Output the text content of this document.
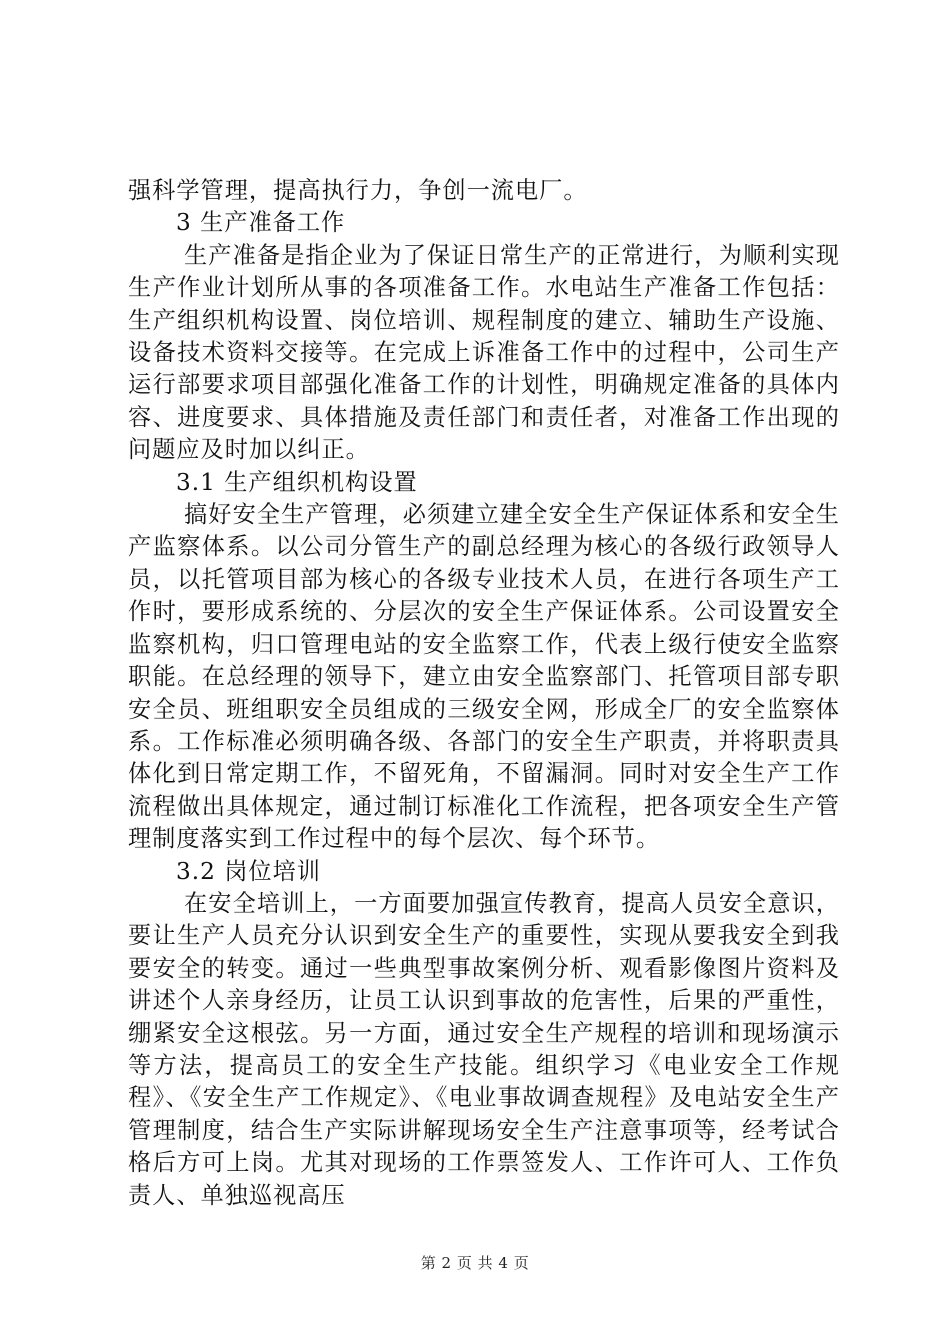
强科学管理，提高执行力，争创一流电厂。

3 生产准备工作

生产准备是指企业为了保证日常生产的正常进行，为顺利实现生产作业计划所从事的各项准备工作。水电站生产准备工作包括：生产组织机构设置、岗位培训、规程制度的建立、辅助生产设施、设备技术资料交接等。在完成上诉准备工作中的过程中，公司生产运行部要求项目部强化准备工作的计划性，明确规定准备的具体内容、进度要求、具体措施及责任部门和责任者，对准备工作出现的问题应及时加以纠正。

3.1 生产组织机构设置

搞好安全生产管理，必须建立建全安全生产保证体系和安全生产监察体系。以公司分管生产的副总经理为核心的各级行政领导人员，以托管项目部为核心的各级专业技术人员，在进行各项生产工作时，要形成系统的、分层次的安全生产保证体系。公司设置安全监察机构，归口管理电站的安全监察工作，代表上级行使安全监察职能。在总经理的领导下，建立由安全监察部门、托管项目部专职安全员、班组职安全员组成的三级安全网，形成全厂的安全监察体系。工作标准必须明确各级、各部门的安全生产职责，并将职责具体化到日常定期工作，不留死角，不留漏洞。同时对安全生产工作流程做出具体规定，通过制订标准化工作流程，把各项安全生产管理制度落实到工作过程中的每个层次、每个环节。

3.2 岗位培训

在安全培训上，一方面要加强宣传教育，提高人员安全意识，要让生产人员充分认识到安全生产的重要性，实现从要我安全到我要安全的转变。通过一些典型事故案例分析、观看影像图片资料及讲述个人亲身经历，让员工认识到事故的危害性，后果的严重性，绷紧安全这根弦。另一方面，通过安全生产规程的培训和现场演示等方法，提高员工的安全生产技能。组织学习《电业安全工作规程》、《安全生产工作规定》、《电业事故调查规程》及电站安全生产管理制度，结合生产实际讲解现场安全生产注意事项等，经考试合格后方可上岗。尤其对现场的工作票签发人、工作许可人、工作负责人、单独巡视高压

第 2 页 共 4 页
